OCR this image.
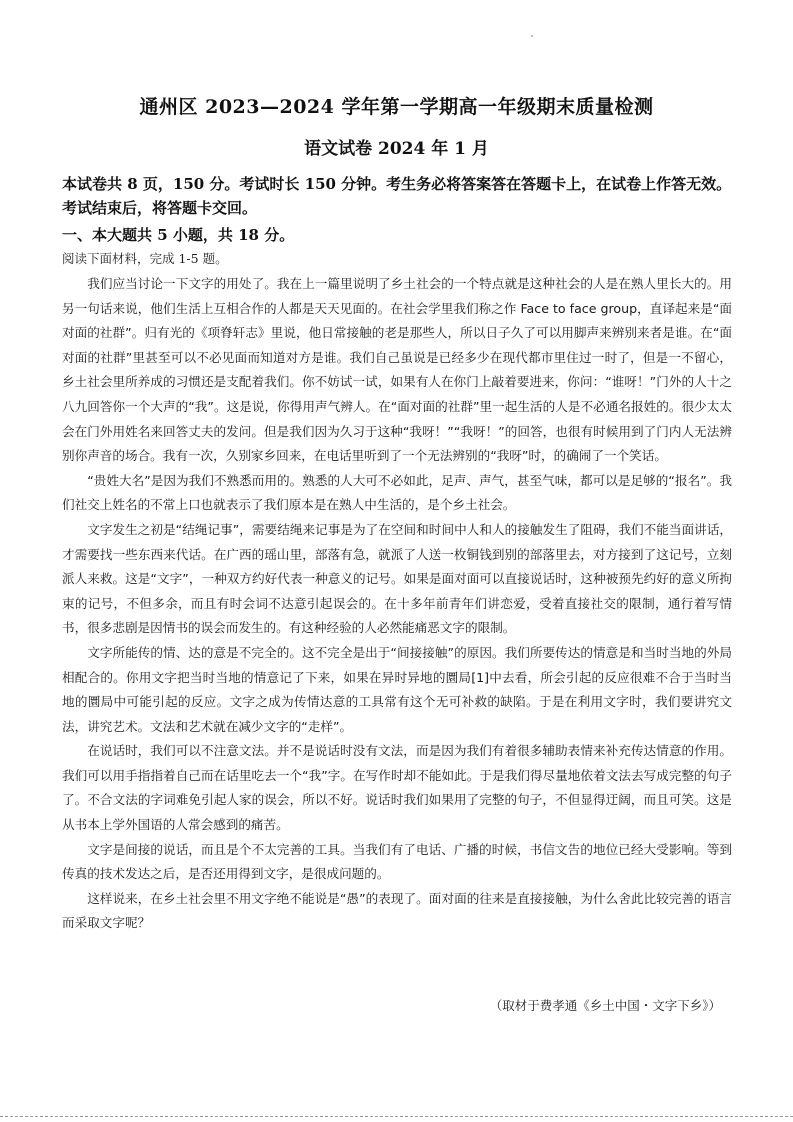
通州区 2023—2024 学年第一学期高一年级期末质量检测
语文试卷 2024 年 1 月
本试卷共 8 页，150 分。考试时长 150 分钟。考生务必将答案答在答题卡上，在试卷上作答无效。考试结束后，将答题卡交回。
一、本大题共 5 小题，共 18 分。
阅读下面材料，完成 1-5 题。

我们应当讨论一下文字的用处了。我在上一篇里说明了乡土社会的一个特点就是这种社会的人是在熟人里长大的。用另一句话来说，他们生活上互相合作的人都是天天见面的。在社会学里我们称之作 Face to face group，直译起来是“面对面的社群”。归有光的《项脊轩志》里说，他日常接触的老是那些人，所以日子久了可以用脚声来辨别来者是谁。在“面对面的社群”里甚至可以不必见面而知道对方是谁。我们自己虽说是已经多少在现代都市里住过一时了，但是一不留心，乡土社会里所养成的习惯还是支配着我们。你不妨试一试，如果有人在你门上敲着要进来，你问：“谁呀！”门外的人十之八九回答你一个大声的“我”。这是说，你得用声气辨人。在“面对面的社群”里一起生活的人是不必通名报姓的。很少太太会在门外用姓名来回答丈夫的发问。但是我们因为久习于这种“我呀！”“我呀！”的回答，也很有时候用到了门内人无法辨别你声音的场合。我有一次，久别家乡回来，在电话里听到了一个无法辨别的“我呀”时，的确闹了一个笑话。

“贵姓大名”是因为我们不熟悉而用的。熟悉的人大可不必如此，足声、声气，甚至气味，都可以是足够的“报名”。我们社交上姓名的不常上口也就表示了我们原本是在熟人中生活的，是个乡土社会。

文字发生之初是“结绳记事”，需要结绳来记事是为了在空间和时间中人和人的接触发生了阻碍，我们不能当面讲话，才需要找一些东西来代话。在广西的瑶山里，部落有急，就派了人送一枚铜钱到别的部落里去，对方接到了这记号，立刻派人来救。这是“文字”，一种双方约好代表一种意义的记号。如果是面对面可以直接说话时，这种被预先约好的意义所拘束的记号，不但多余，而且有时会词不达意引起误会的。在十多年前青年们讲恋爱，受着直接社交的限制，通行着写情书，很多悲剧是因情书的误会而发生的。有这种经验的人必然能痛恶文字的限制。

文字所能传的情、达的意是不完全的。这不完全是出于“间接接触”的原因。我们所要传达的情意是和当时当地的外局相配合的。你用文字把当时当地的情意记了下来，如果在异时异地的圜局[1]中去看，所会引起的反应很难不合于当时当地的圜局中可能引起的反应。文字之成为传情达意的工具常有这个无可补救的缺陷。于是在利用文字时，我们要讲究文法，讲究艺术。文法和艺术就在减少文字的“走样”。

在说话时，我们可以不注意文法。并不是说话时没有文法，而是因为我们有着很多辅助表情来补充传达情意的作用。我们可以用手指指着自己而在话里吃去一个“我”字。在写作时却不能如此。于是我们得尽量地依着文法去写成完整的句子了。不合文法的字词难免引起人家的误会，所以不好。说话时我们如果用了完整的句子，不但显得迂阔，而且可笑。这是从书本上学外国语的人常会感到的痛苦。

文字是间接的说话，而且是个不太完善的工具。当我们有了电话、广播的时候，书信文告的地位已经大受影响。等到传真的技术发达之后，是否还用得到文字，是很成问题的。

这样说来，在乡土社会里不用文字绝不能说是“愚”的表现了。面对面的往来是直接接触，为什么舍此比较完善的语言而采取文字呢？

（取材于费孝通《乡土中国・文字下乡》）
